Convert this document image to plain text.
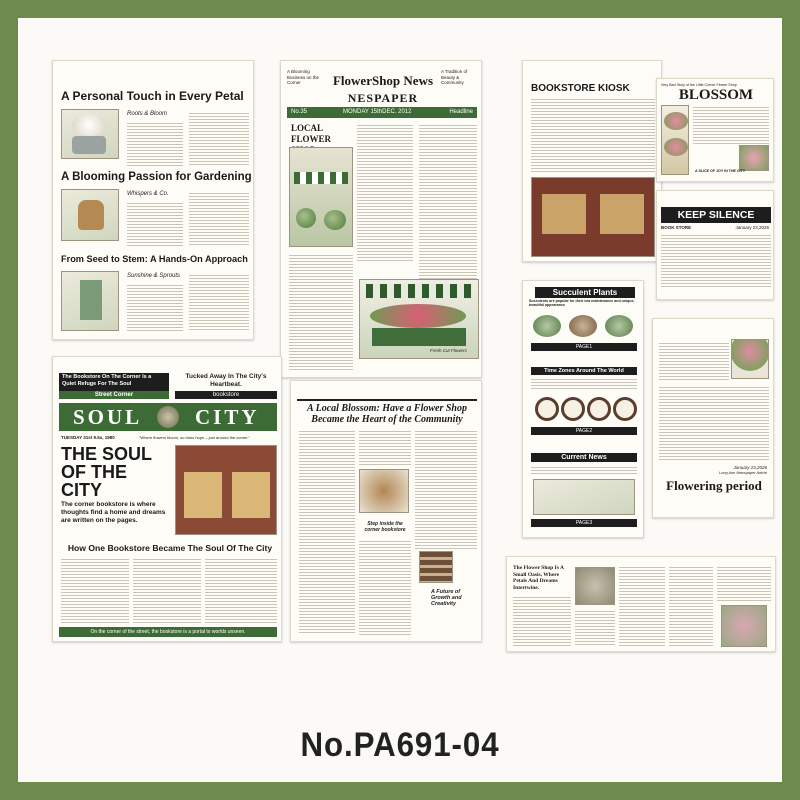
A Personal Touch in Every Petal
Roots & Bloom
A Blooming Passion for Gardening
Whispers & Co.
From Seed to Stem: A Hands-On Approach
Sunshine & Sprouts
A Blooming Business on the Corner	FlowerShop News
A Tradition of Beauty & Community
NESPAPER
No.35	MONDAY 15thDEC. 2012	Headline
LOCAL FLOWER
Fresh Cut Flowers
BOOKSTORE KIOSK	Very Bad Story of the Little Corner Flower Shop
BLOSSOM
A SLICE OF JOY IN THE CITY
KEEP SILENCE
BOOK STORE	January 23,2026
Succulent Plants
Succulents are popular for their low maintenance and unique, beautiful appearance
PAGE1
Time Zones Around The World
PAGE2
Current News
PAGE3
January 23,2026
Long Ann Newspaper Article
Flowering period
The Bookstore On The Corner Is a Quiet Refuge For The Soul
Street Corner
Tucked Away In The City's Heartbeat.
bookstore
SOUL	CITY
TUESDAY 31st 9.5x, 1980	"Where flowers bloom, so does hope – just around the corner."
THE SOUL OF THE CITY
The corner bookstore is where thoughts find a home and dreams are written on the pages.
How One Bookstore Became The Soul Of The City
On the corner of the street, the bookstore is a portal to worlds unseen.
A Local Blossom: Have a Flower Shop Became the Heart of the Community
Step inside the corner bookstore
A Future of Growth and Creativity
The Flower Shop Is A Small Oasis, Where Petals And Dreams Intertwine.
No.PA691-04
